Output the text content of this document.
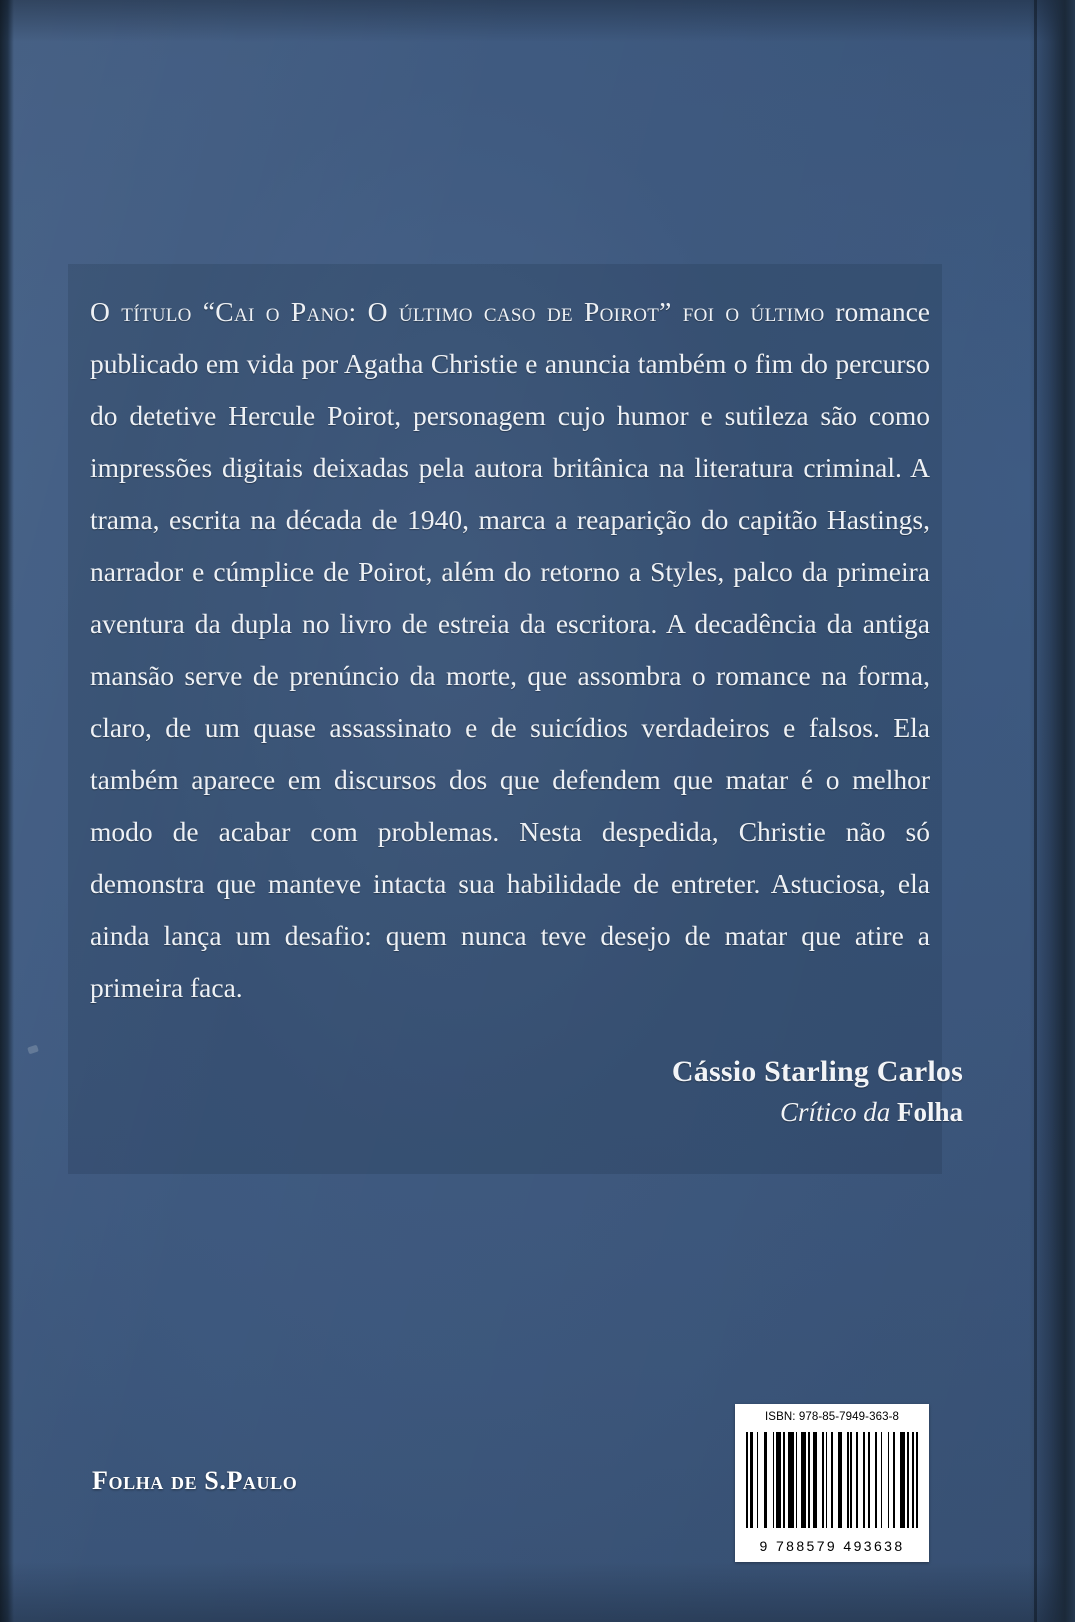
O título “Cai o Pano: O último caso de Poirot” foi o último romance publicado em vida por Agatha Christie e anuncia também o fim do percurso do detetive Hercule Poirot, personagem cujo humor e sutileza são como impressões digitais deixadas pela autora britânica na literatura criminal. A trama, escrita na década de 1940, marca a reaparição do capitão Hastings, narrador e cúmplice de Poirot, além do retorno a Styles, palco da primeira aventura da dupla no livro de estreia da escritora. A decadência da antiga mansão serve de prenúncio da morte, que assombra o romance na forma, claro, de um quase assassinato e de suicídios verdadeiros e falsos. Ela também aparece em discursos dos que defendem que matar é o melhor modo de acabar com problemas. Nesta despedida, Christie não só demonstra que manteve intacta sua habilidade de entreter. Astuciosa, ela ainda lança um desafio: quem nunca teve desejo de matar que atire a primeira faca.
Cássio Starling Carlos
Crítico da Folha
Folha de S.Paulo
ISBN: 978-85-7949-363-8
9 788579 493638
